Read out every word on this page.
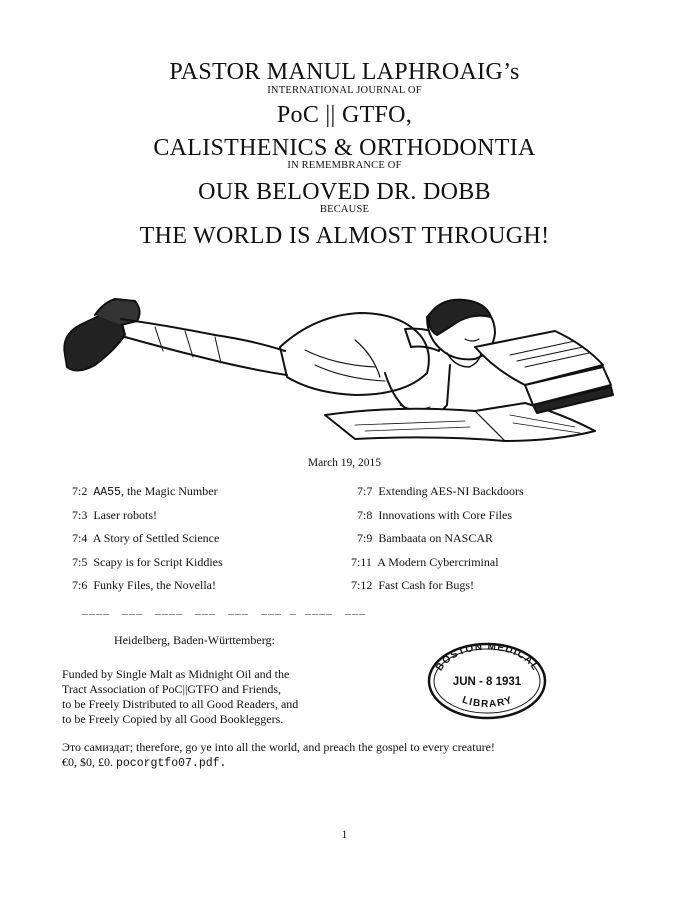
PASTOR MANUL LAPHROAIG’s
INTERNATIONAL JOURNAL OF
PoC || GTFO,
CALISTHENICS & ORTHODONTIA
IN REMEMBRANCE OF
OUR BELOVED DR. DOBB
BECAUSE
THE WORLD IS ALMOST THROUGH!
March 19, 2015
7:2 AA55, the Magic Number
7:3 Laser robots!
7:4 A Story of Settled Science
7:5 Scapy is for Script Kiddies
7:6 Funky Files, the Novella!
7:7 Extending AES-NI Backdoors
7:8 Innovations with Core Files
7:9 Bambaata on NASCAR
7:11 A Modern Cybercriminal
7:12 Fast Cash for Bugs!
––––   –––   ––––   –––   –––   –––  –  ––––   –––
Heidelberg, Baden-Württemberg:
Funded by Single Malt as Midnight Oil and the
Tract Association of PoC||GTFO and Friends,
to be Freely Distributed to all Good Readers, and
to be Freely Copied by all Good Bookleggers.
BOSTON MEDICAL
JUN - 8 1931
LIBRARY
Это самиздат; therefore, go ye into all the world, and preach the gospel to every creature!
€0, $0, £0. pocorgtfo07.pdf.
1
